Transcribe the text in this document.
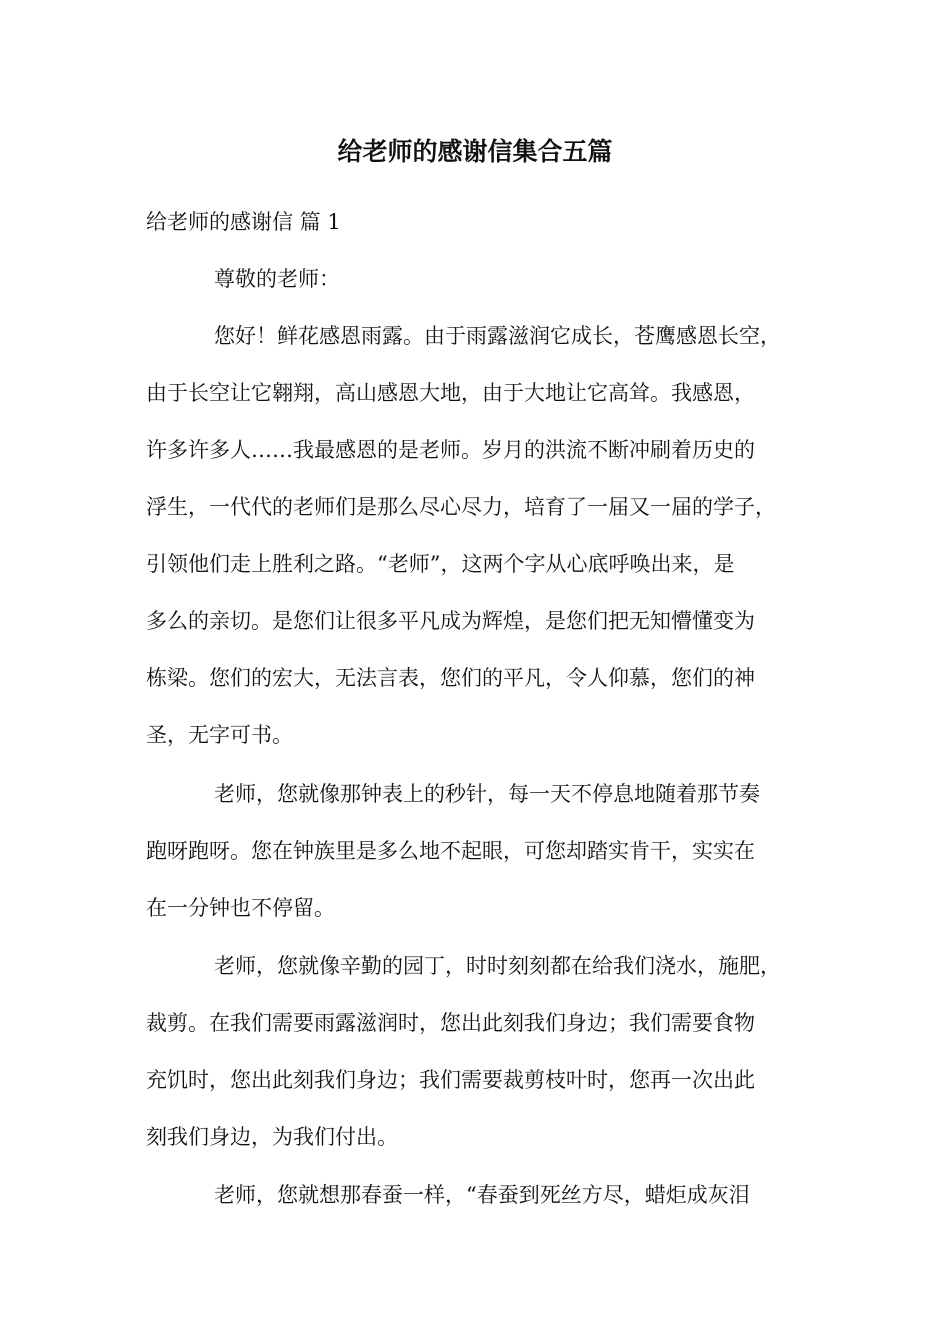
给老师的感谢信集合五篇
给老师的感谢信 篇 1
尊敬的老师：
您好！鲜花感恩雨露。由于雨露滋润它成长，苍鹰感恩长空，
由于长空让它翱翔，高山感恩大地，由于大地让它高耸。我感恩，
许多许多人……我最感恩的是老师。岁月的洪流不断冲刷着历史的
浮生，一代代的老师们是那么尽心尽力，培育了一届又一届的学子，
引领他们走上胜利之路。“老师”，这两个字从心底呼唤出来，是
多么的亲切。是您们让很多平凡成为辉煌，是您们把无知懵懂变为
栋梁。您们的宏大，无法言表，您们的平凡，令人仰慕，您们的神
圣，无字可书。
老师，您就像那钟表上的秒针，每一天不停息地随着那节奏
跑呀跑呀。您在钟族里是多么地不起眼，可您却踏实肯干，实实在
在一分钟也不停留。
老师，您就像辛勤的园丁，时时刻刻都在给我们浇水，施肥，
裁剪。在我们需要雨露滋润时，您出此刻我们身边；我们需要食物
充饥时，您出此刻我们身边；我们需要裁剪枝叶时，您再一次出此
刻我们身边，为我们付出。
老师，您就想那春蚕一样，“春蚕到死丝方尽，蜡炬成灰泪
